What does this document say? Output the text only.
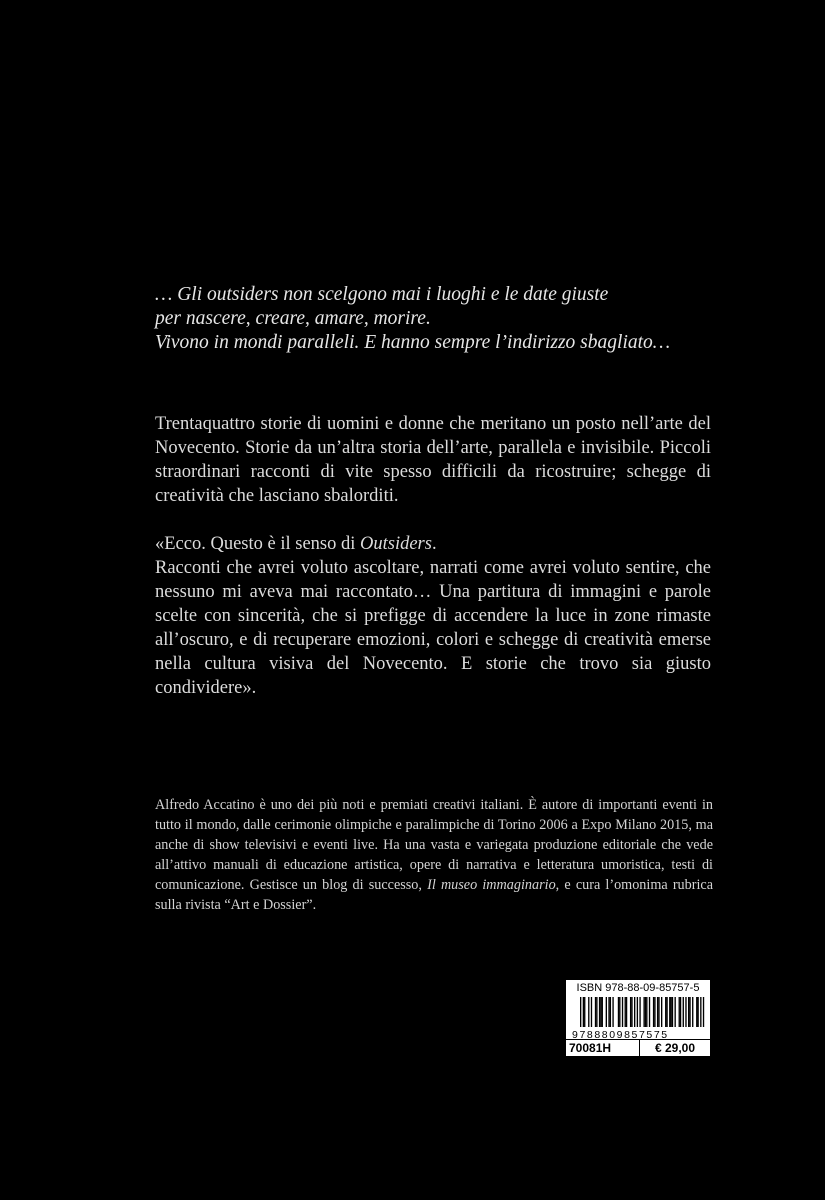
… Gli outsiders non scelgono mai i luoghi e le date giuste
per nascere, creare, amare, morire.
Vivono in mondi paralleli. E hanno sempre l’indirizzo sbagliato…

Trentaquattro storie di uomini e donne che meritano un posto nell’arte del Novecento. Storie da un’altra storia dell’arte, parallela e invisibile. Piccoli straordinari racconti di vite spesso difficili da ricostruire; schegge di creatività che lasciano sbalorditi.

«Ecco. Questo è il senso di Outsiders.
Racconti che avrei voluto ascoltare, narrati come avrei voluto sentire, che nessuno mi aveva mai raccontato… Una partitura di immagini e parole scelte con sincerità, che si prefigge di accendere la luce in zone rimaste all’oscuro, e di recuperare emozioni, colori e schegge di creatività emerse nella cultura visiva del Novecento. E storie che trovo sia giusto condividere».

Alfredo Accatino è uno dei più noti e premiati creativi italiani. È autore di importanti eventi in tutto il mondo, dalle cerimonie olimpiche e paralimpiche di Torino 2006 a Expo Milano 2015, ma anche di show televisivi e eventi live. Ha una vasta e variegata produzione editoriale che vede all’attivo manuali di educazione artistica, opere di narrativa e letteratura umoristica, testi di comunicazione. Gestisce un blog di successo, Il museo immaginario, e cura l’omonima rubrica sulla rivista “Art e Dossier”.

ISBN 978-88-09-85757-5
9788809857575
70081H	€ 29,00
